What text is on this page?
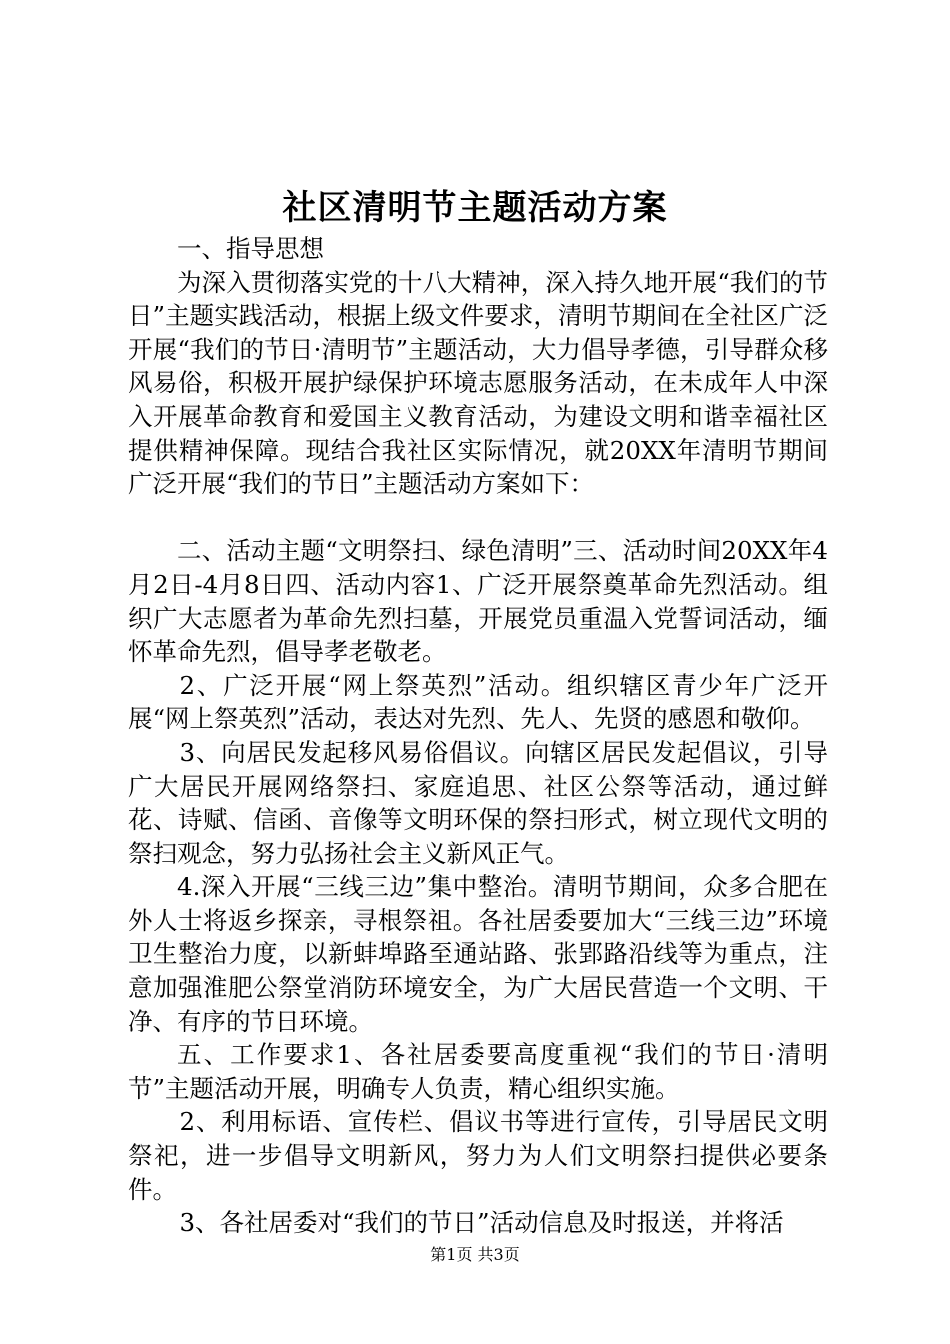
社区清明节主题活动方案

一、指导思想

为深入贯彻落实党的十八大精神，深入持久地开展“我们的节日”主题实践活动，根据上级文件要求，清明节期间在全社区广泛开展“我们的节日·清明节”主题活动，大力倡导孝德，引导群众移风易俗，积极开展护绿保护环境志愿服务活动，在未成年人中深入开展革命教育和爱国主义教育活动，为建设文明和谐幸福社区提供精神保障。现结合我社区实际情况，就20XX年清明节期间广泛开展“我们的节日”主题活动方案如下：

二、活动主题“文明祭扫、绿色清明”三、活动时间20XX年4月2日-4月8日四、活动内容1、广泛开展祭奠革命先烈活动。组织广大志愿者为革命先烈扫墓，开展党员重温入党誓词活动，缅怀革命先烈，倡导孝老敬老。

2、广泛开展“网上祭英烈”活动。组织辖区青少年广泛开展“网上祭英烈”活动，表达对先烈、先人、先贤的感恩和敬仰。

3、向居民发起移风易俗倡议。向辖区居民发起倡议，引导广大居民开展网络祭扫、家庭追思、社区公祭等活动，通过鲜花、诗赋、信函、音像等文明环保的祭扫形式，树立现代文明的祭扫观念，努力弘扬社会主义新风正气。

4.深入开展“三线三边”集中整治。清明节期间，众多合肥在外人士将返乡探亲，寻根祭祖。各社居委要加大“三线三边”环境卫生整治力度，以新蚌埠路至通站路、张郢路沿线等为重点，注意加强淮肥公祭堂消防环境安全，为广大居民营造一个文明、干净、有序的节日环境。

五、工作要求1、各社居委要高度重视“我们的节日·清明节”主题活动开展，明确专人负责，精心组织实施。

2、利用标语、宣传栏、倡议书等进行宣传，引导居民文明祭祀，进一步倡导文明新风，努力为人们文明祭扫提供必要条件。

3、各社居委对“我们的节日”活动信息及时报送，并将活

第1页 共3页
